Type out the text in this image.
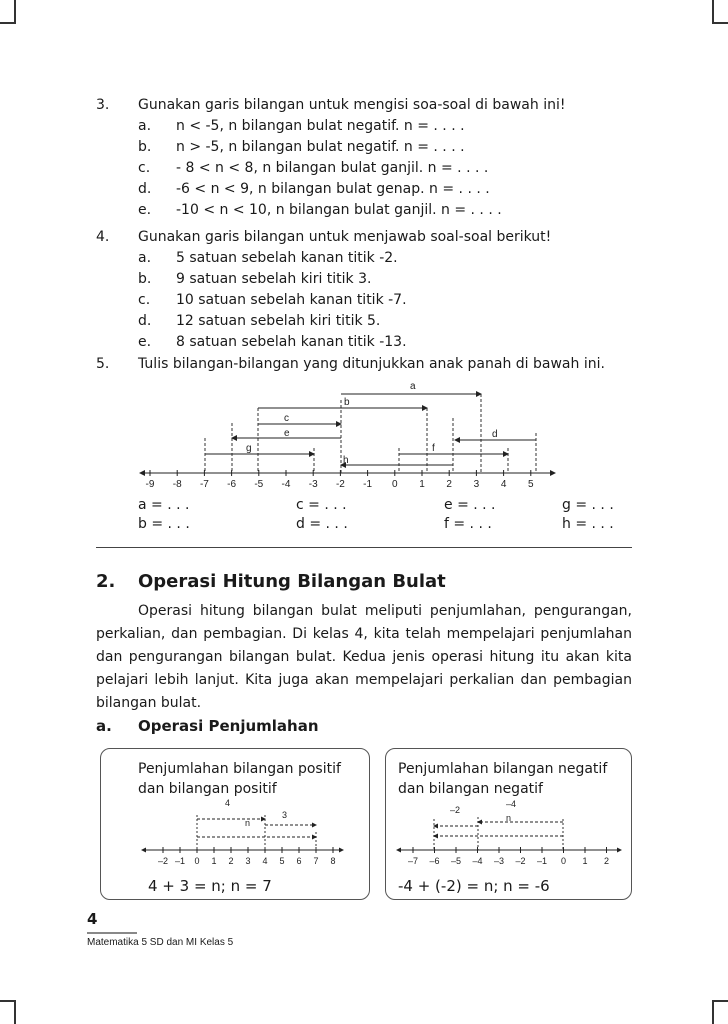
3.	Gunakan garis bilangan untuk mengisi soa-soal di bawah ini!
a.	n < -5, n bilangan bulat negatif. n = . . . .
b.	n > -5, n bilangan bulat negatif. n = . . . .
c.	- 8 < n < 8, n bilangan bulat ganjil. n = . . . .
d.	-6 < n < 9, n bilangan bulat genap. n = . . . .
e.	-10 < n < 10, n bilangan bulat ganjil. n = . . . .
4.	Gunakan garis bilangan untuk menjawab soal-soal berikut!
a.	5 satuan sebelah kanan titik -2.
b.	9 satuan sebelah kiri titik 3.
c.	10 satuan sebelah kanan titik -7.
d.	12 satuan sebelah kiri titik 5.
e.	8 satuan sebelah kanan titik -13.
5.	Tulis bilangan-bilangan yang ditunjukkan anak panah di bawah ini.
-9 -8 -7 -6 -5 -4 -3 -2 -1 0 1 2 3 4 5
a
b
c
e	d
g	f
h
a = . . .
b = . . .
c = . . .
d = . . .
e = . . .
f = . . .
g = . . .
h = . . .
2.	Operasi Hitung Bilangan Bulat
Operasi hitung bilangan bulat meliputi penjumlahan, pengurangan, perkalian, dan pembagian. Di kelas 4, kita telah mempelajari penjumlahan dan pengurangan bilangan bulat. Kedua jenis operasi hitung itu akan kita pelajari lebih lanjut. Kita juga akan mempelajari perkalian dan pembagian bilangan bulat.
a.	Operasi Penjumlahan
Penjumlahan bilangan positif
dan bilangan positif
–2 –1 0 1 2 3 4 5 6 7 8
4
3
n
4 + 3 = n; n = 7
Penjumlahan bilangan negatif
dan bilangan negatif
–7 –6 –5 –4 –3 –2 –1 0 1 2
–2
–4
n
-4 + (-2) = n; n = -6
4
Matematika 5 SD dan MI Kelas 5
